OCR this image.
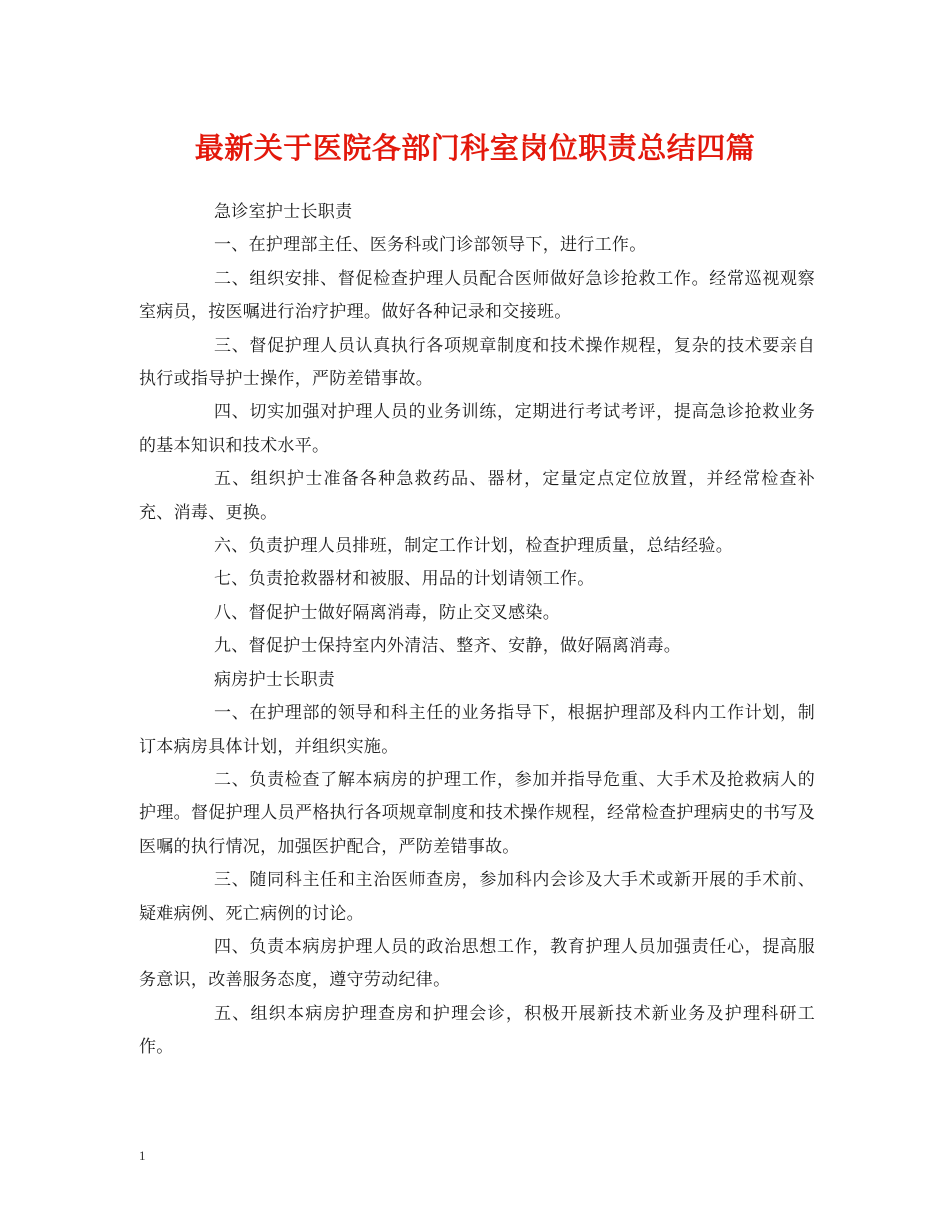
最新关于医院各部门科室岗位职责总结四篇

急诊室护士长职责

一、在护理部主任、医务科或门诊部领导下，进行工作。

二、组织安排、督促检查护理人员配合医师做好急诊抢救工作。经常巡视观察室病员，按医嘱进行治疗护理。做好各种记录和交接班。

三、督促护理人员认真执行各项规章制度和技术操作规程，复杂的技术要亲自执行或指导护士操作，严防差错事故。

四、切实加强对护理人员的业务训练，定期进行考试考评，提高急诊抢救业务的基本知识和技术水平。

五、组织护士准备各种急救药品、器材，定量定点定位放置，并经常检查补充、消毒、更换。

六、负责护理人员排班，制定工作计划，检查护理质量，总结经验。

七、负责抢救器材和被服、用品的计划请领工作。

八、督促护士做好隔离消毒，防止交叉感染。

九、督促护士保持室内外清洁、整齐、安静，做好隔离消毒。

病房护士长职责

一、在护理部的领导和科主任的业务指导下，根据护理部及科内工作计划，制订本病房具体计划，并组织实施。

二、负责检查了解本病房的护理工作，参加并指导危重、大手术及抢救病人的护理。督促护理人员严格执行各项规章制度和技术操作规程，经常检查护理病史的书写及医嘱的执行情况，加强医护配合，严防差错事故。

三、随同科主任和主治医师查房，参加科内会诊及大手术或新开展的手术前、疑难病例、死亡病例的讨论。

四、负责本病房护理人员的政治思想工作，教育护理人员加强责任心，提高服务意识，改善服务态度，遵守劳动纪律。

五、组织本病房护理查房和护理会诊，积极开展新技术新业务及护理科研工作。

1
